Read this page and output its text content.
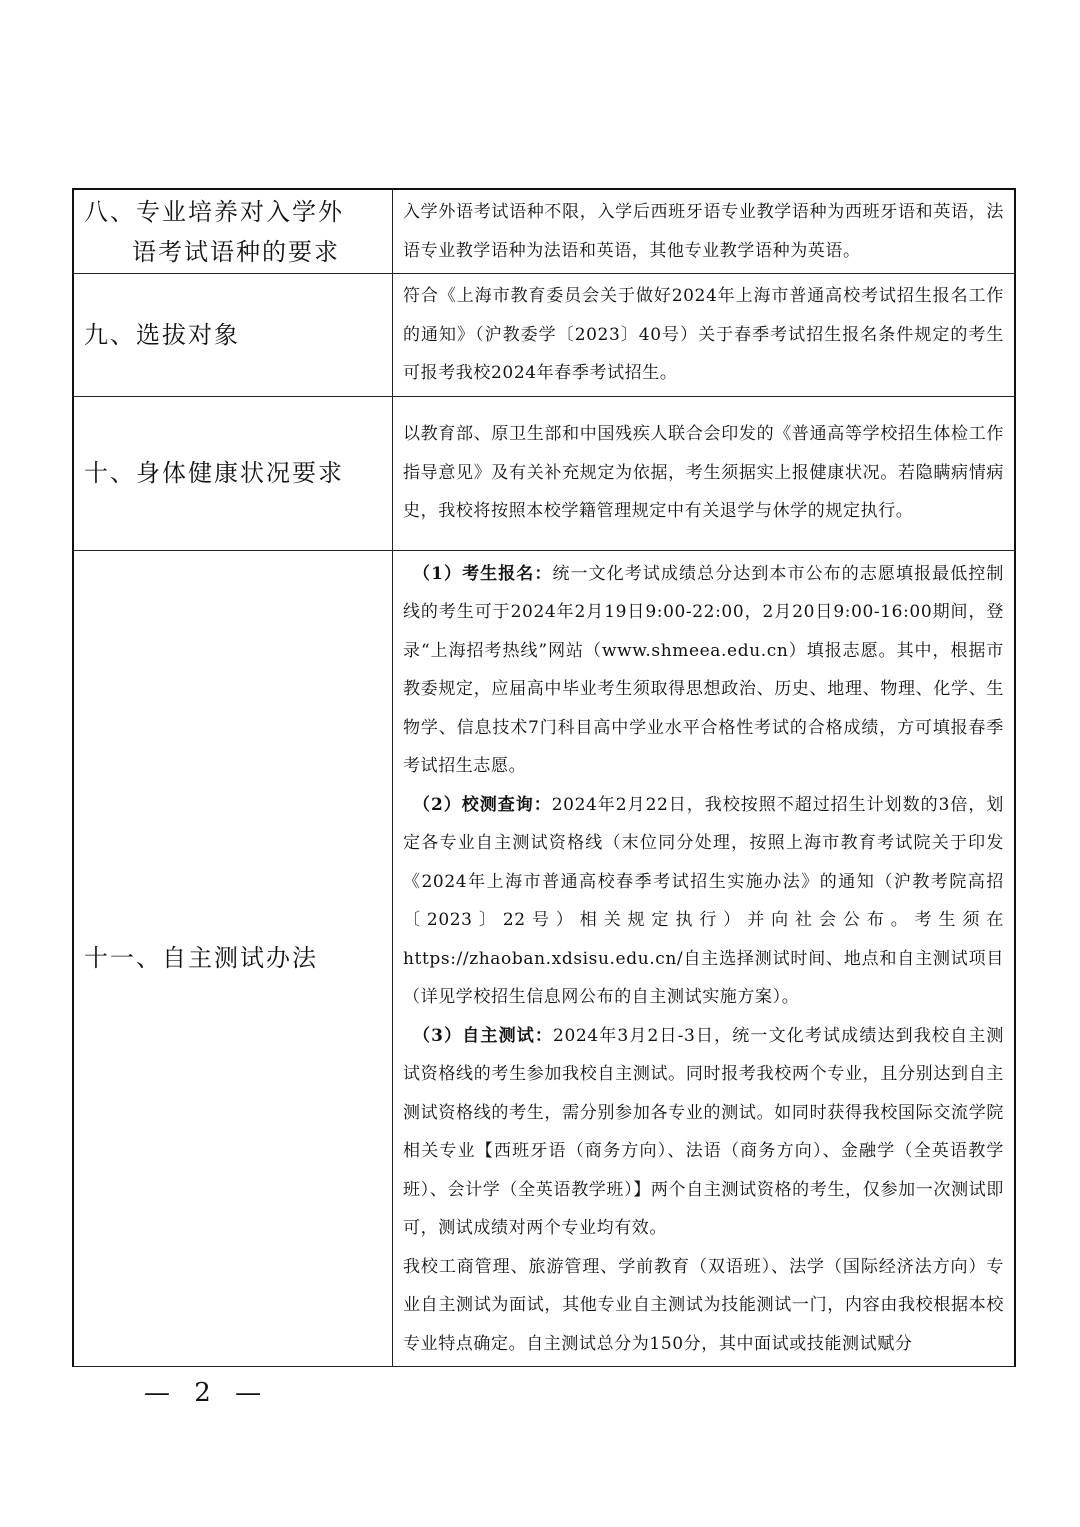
八、专业培养对入学外
语考试语种的要求	入学外语考试语种不限，入学后西班牙语专业教学语种为西班牙语和英语，法语专业教学语种为法语和英语，其他专业教学语种为英语。

九、选拔对象	符合《上海市教育委员会关于做好2024年上海市普通高校考试招生报名工作的通知》（沪教委学〔2023〕40号）关于春季考试招生报名条件规定的考生可报考我校2024年春季考试招生。

十、身体健康状况要求	以教育部、原卫生部和中国残疾人联合会印发的《普通高等学校招生体检工作指导意见》及有关补充规定为依据，考生须据实上报健康状况。若隐瞒病情病史，我校将按照本校学籍管理规定中有关退学与休学的规定执行。

十一、自主测试办法	（1）考生报名：统一文化考试成绩总分达到本市公布的志愿填报最低控制线的考生可于2024年2月19日9:00-22:00，2月20日9:00-16:00期间，登录“上海招考热线”网站（www.shmeea.edu.cn）填报志愿。其中，根据市教委规定，应届高中毕业考生须取得思想政治、历史、地理、物理、化学、生物学、信息技术7门科目高中学业水平合格性考试的合格成绩，方可填报春季考试招生志愿。

（2）校测查询：2024年2月22日，我校按照不超过招生计划数的3倍，划定各专业自主测试资格线（末位同分处理，按照上海市教育考试院关于印发《2024年上海市普通高校春季考试招生实施办法》的通知（沪教考院高招〔2023〕22号）相关规定执行）并向社会公布。考生须在https://zhaoban.xdsisu.edu.cn/自主选择测试时间、地点和自主测试项目（详见学校招生信息网公布的自主测试实施方案）。

（3）自主测试：2024年3月2日-3日，统一文化考试成绩达到我校自主测试资格线的考生参加我校自主测试。同时报考我校两个专业，且分别达到自主测试资格线的考生，需分别参加各专业的测试。如同时获得我校国际交流学院相关专业【西班牙语（商务方向）、法语（商务方向）、金融学（全英语教学班）、会计学（全英语教学班）】两个自主测试资格的考生，仅参加一次测试即可，测试成绩对两个专业均有效。

我校工商管理、旅游管理、学前教育（双语班）、法学（国际经济法方向）专业自主测试为面试，其他专业自主测试为技能测试一门，内容由我校根据本校专业特点确定。自主测试总分为150分，其中面试或技能测试赋分

— 2 —
